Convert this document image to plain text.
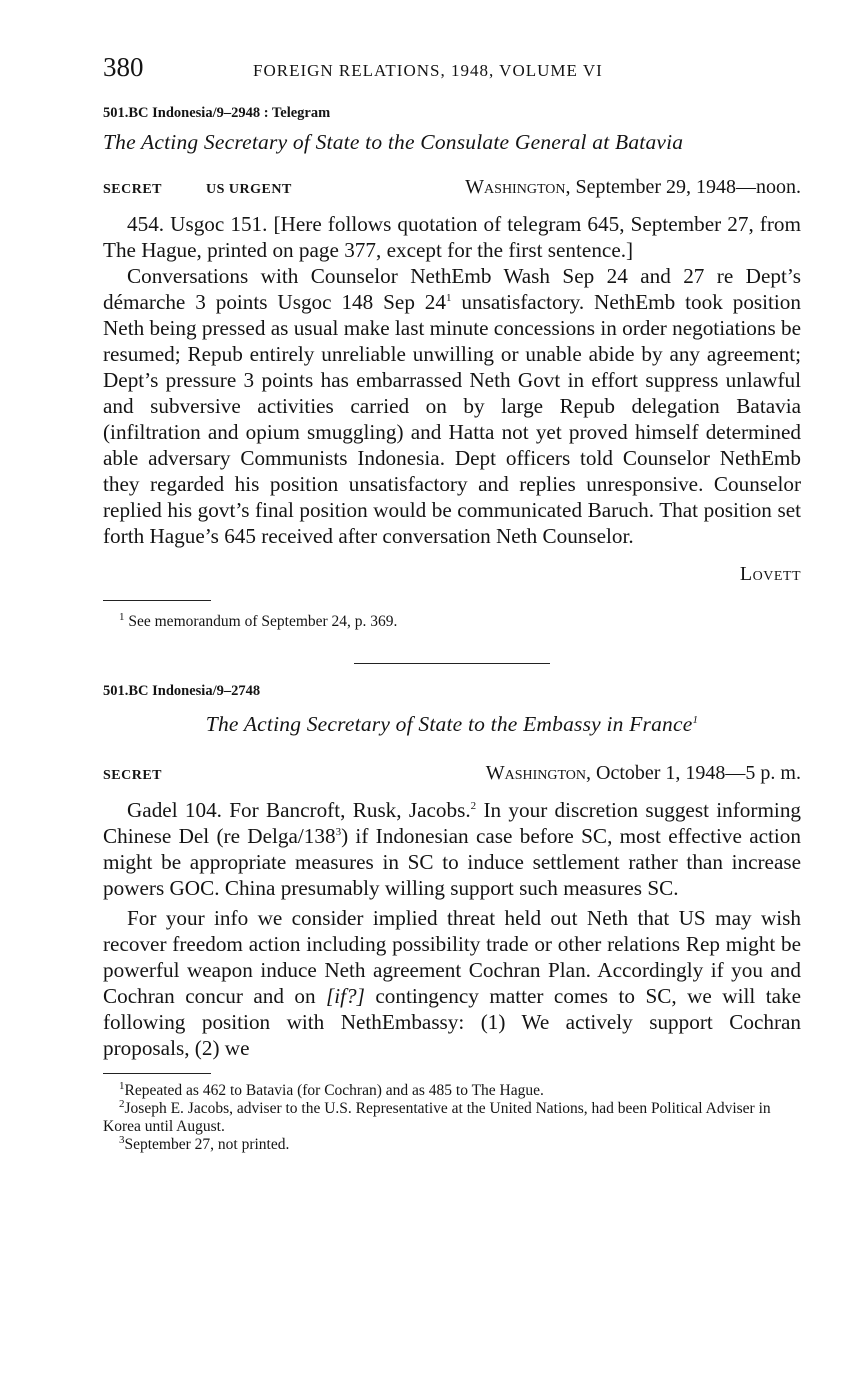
380	FOREIGN RELATIONS, 1948, VOLUME VI
501.BC Indonesia/9–2948 : Telegram
The Acting Secretary of State to the Consulate General at Batavia
SECRET	US URGENT	Washington, September 29, 1948—noon.

454. Usgoc 151. [Here follows quotation of telegram 645, September 27, from The Hague, printed on page 377, except for the first sentence.]

Conversations with Counselor NethEmb Wash Sep 24 and 27 re Dept’s démarche 3 points Usgoc 148 Sep $24^1$ unsatisfactory. NethEmb took position Neth being pressed as usual make last minute concessions in order negotiations be resumed; Repub entirely unreliable unwilling or unable abide by any agreement; Dept’s pressure 3 points has embarrassed Neth Govt in effort suppress unlawful and subversive activities carried on by large Repub delegation Batavia (infiltration and opium smuggling) and Hatta not yet proved himself determined able adversary Communists Indonesia. Dept officers told Counselor NethEmb they regarded his position unsatisfactory and replies unresponsive. Counselor replied his govt’s final position would be communicated Baruch. That position set forth Hague’s 645 received after conversation Neth Counselor.

Lovett

$^1$ See memorandum of September 24, p. 369.

501.BC Indonesia/9–2748
The Acting Secretary of State to the Embassy in France$^1$
SECRET	Washington, October 1, 1948—5 p. m.

Gadel 104. For Bancroft, Rusk, Jacobs.$^2$ In your discretion suggest informing Chinese Del (re Delga/$138^3$) if Indonesian case before SC, most effective action might be appropriate measures in SC to induce settlement rather than increase powers GOC. China presumably willing support such measures SC.

For your info we consider implied threat held out Neth that US may wish recover freedom action including possibility trade or other relations Rep might be powerful weapon induce Neth agreement Cochran Plan. Accordingly if you and Cochran concur and on [if?] contingency matter comes to SC, we will take following position with NethEmbassy: (1) We actively support Cochran proposals, (2) we

$^1$Repeated as 462 to Batavia (for Cochran) and as 485 to The Hague.

$^2$Joseph E. Jacobs, adviser to the U.S. Representative at the United Nations, had been Political Adviser in Korea until August.

$^3$September 27, not printed.
